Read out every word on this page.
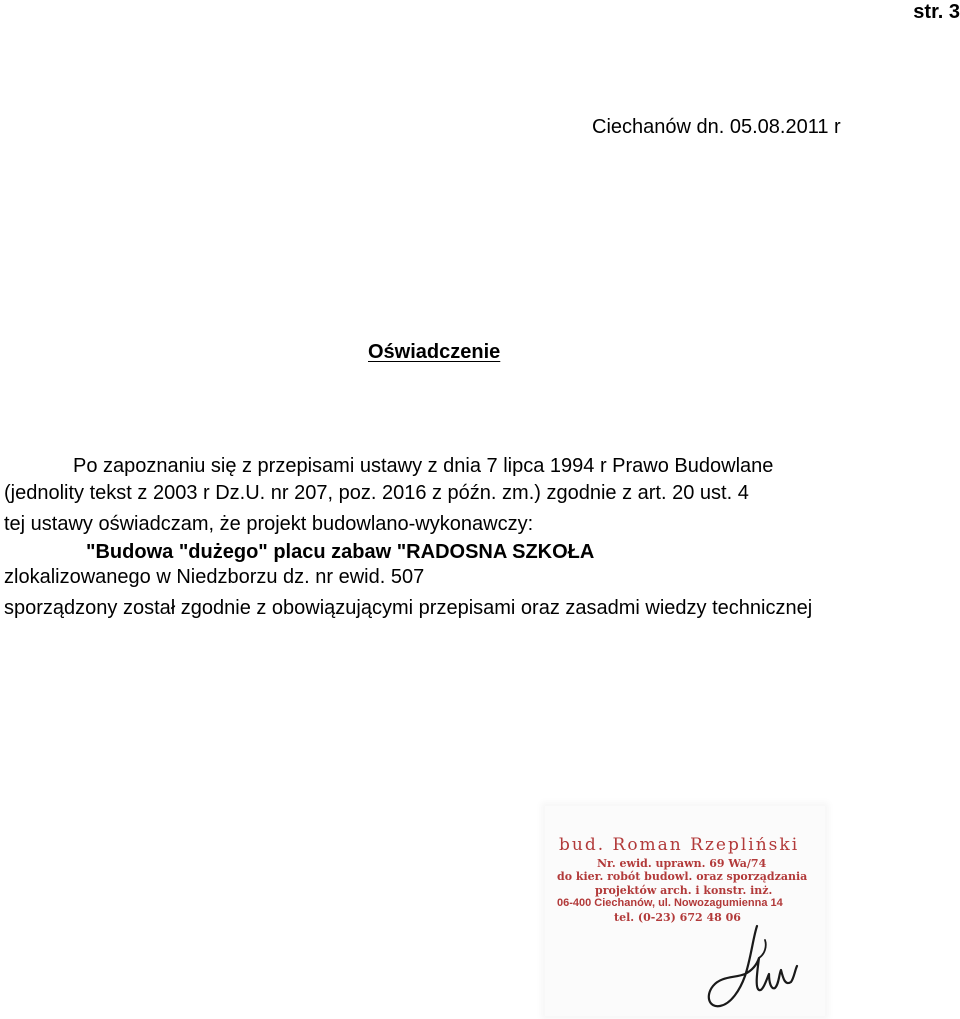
str. 3
Ciechanów dn. 05.08.2011 r
Oświadczenie
Po zapoznaniu się z przepisami ustawy z dnia 7 lipca 1994 r Prawo Budowlane
(jednolity tekst z 2003 r Dz.U. nr 207, poz. 2016 z późn. zm.) zgodnie z art. 20 ust. 4
tej ustawy oświadczam, że projekt budowlano-wykonawczy:
"Budowa "dużego" placu zabaw "RADOSNA SZKOŁA
zlokalizowanego w Niedzborzu dz. nr ewid. 507
sporządzony został zgodnie z obowiązującymi przepisami oraz zasadmi wiedzy technicznej
bud. Roman Rzepliński
Nr. ewid. uprawn. 69 Wa/74
do kier. robót budowl. oraz sporządzania
projektów arch. i konstr. inż.
06-400 Ciechanów, ul. Nowozagumienna 14
tel. (0-23) 672 48 06
